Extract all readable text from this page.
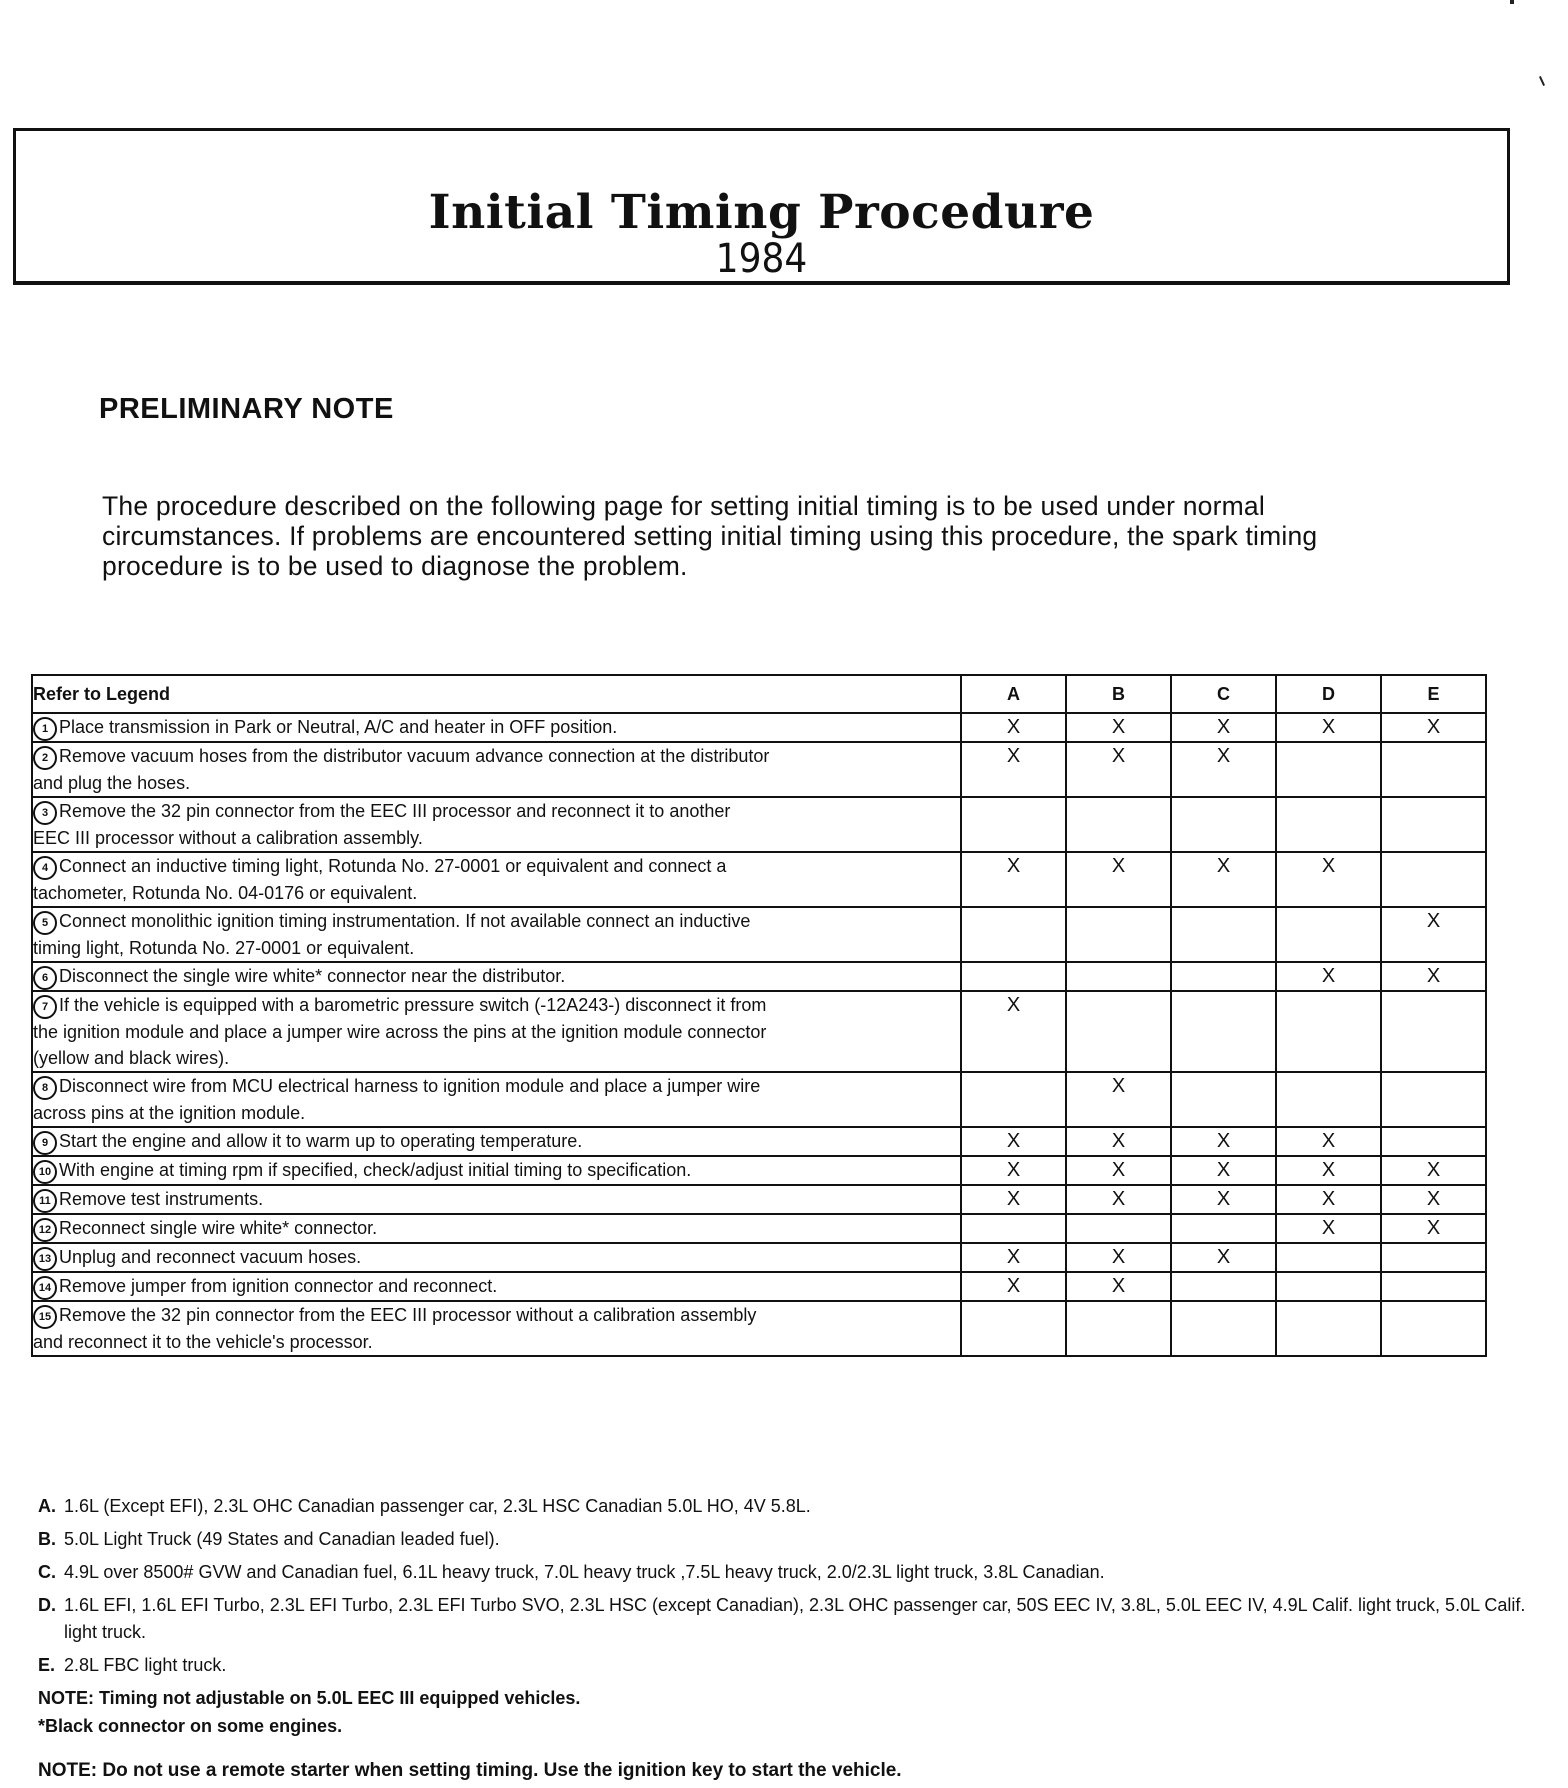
Initial Timing Procedure
1984
PRELIMINARY NOTE
The procedure described on the following page for setting initial timing is to be used under normal circumstances. If problems are encountered setting initial timing using this procedure, the spark timing procedure is to be used to diagnose the problem.
Refer to Legend	A	B	C	D	E
1 Place transmission in Park or Neutral, A/C and heater in OFF position.	X	X	X	X	X
2 Remove vacuum hoses from the distributor vacuum advance connection at the distributor
and plug the hoses.	X	X	X		
3 Remove the 32 pin connector from the EEC III processor and reconnect it to another
EEC III processor without a calibration assembly.					
4 Connect an inductive timing light, Rotunda No. 27-0001 or equivalent and connect a
tachometer, Rotunda No. 04-0176 or equivalent.	X	X	X	X	
5 Connect monolithic ignition timing instrumentation. If not available connect an inductive
timing light, Rotunda No. 27-0001 or equivalent.					X
6 Disconnect the single wire white* connector near the distributor.				X	X
7 If the vehicle is equipped with a barometric pressure switch (-12A243-) disconnect it from
the ignition module and place a jumper wire across the pins at the ignition module connector
(yellow and black wires).	X				
8 Disconnect wire from MCU electrical harness to ignition module and place a jumper wire
across pins at the ignition module.		X			
9 Start the engine and allow it to warm up to operating temperature.	X	X	X	X	
10 With engine at timing rpm if specified, check/adjust initial timing to specification.	X	X	X	X	X
11 Remove test instruments.	X	X	X	X	X
12 Reconnect single wire white* connector.				X	X
13 Unplug and reconnect vacuum hoses.	X	X	X		
14 Remove jumper from ignition connector and reconnect.	X	X			
15 Remove the 32 pin connector from the EEC III processor without a calibration assembly
and reconnect it to the vehicle's processor.					
A. 1.6L (Except EFI), 2.3L OHC Canadian passenger car, 2.3L HSC Canadian 5.0L HO, 4V 5.8L.
B. 5.0L Light Truck (49 States and Canadian leaded fuel).
C. 4.9L over 8500# GVW and Canadian fuel, 6.1L heavy truck, 7.0L heavy truck ,7.5L heavy truck, 2.0/2.3L light truck, 3.8L Canadian.
D. 1.6L EFI, 1.6L EFI Turbo, 2.3L EFI Turbo, 2.3L EFI Turbo SVO, 2.3L HSC (except Canadian), 2.3L OHC passenger car, 50S EEC IV, 3.8L, 5.0L EEC IV, 4.9L Calif. light truck, 5.0L Calif. light truck.
E. 2.8L FBC light truck.
NOTE: Timing not adjustable on 5.0L EEC III equipped vehicles.
*Black connector on some engines.
NOTE: Do not use a remote starter when setting timing. Use the ignition key to start the vehicle.
